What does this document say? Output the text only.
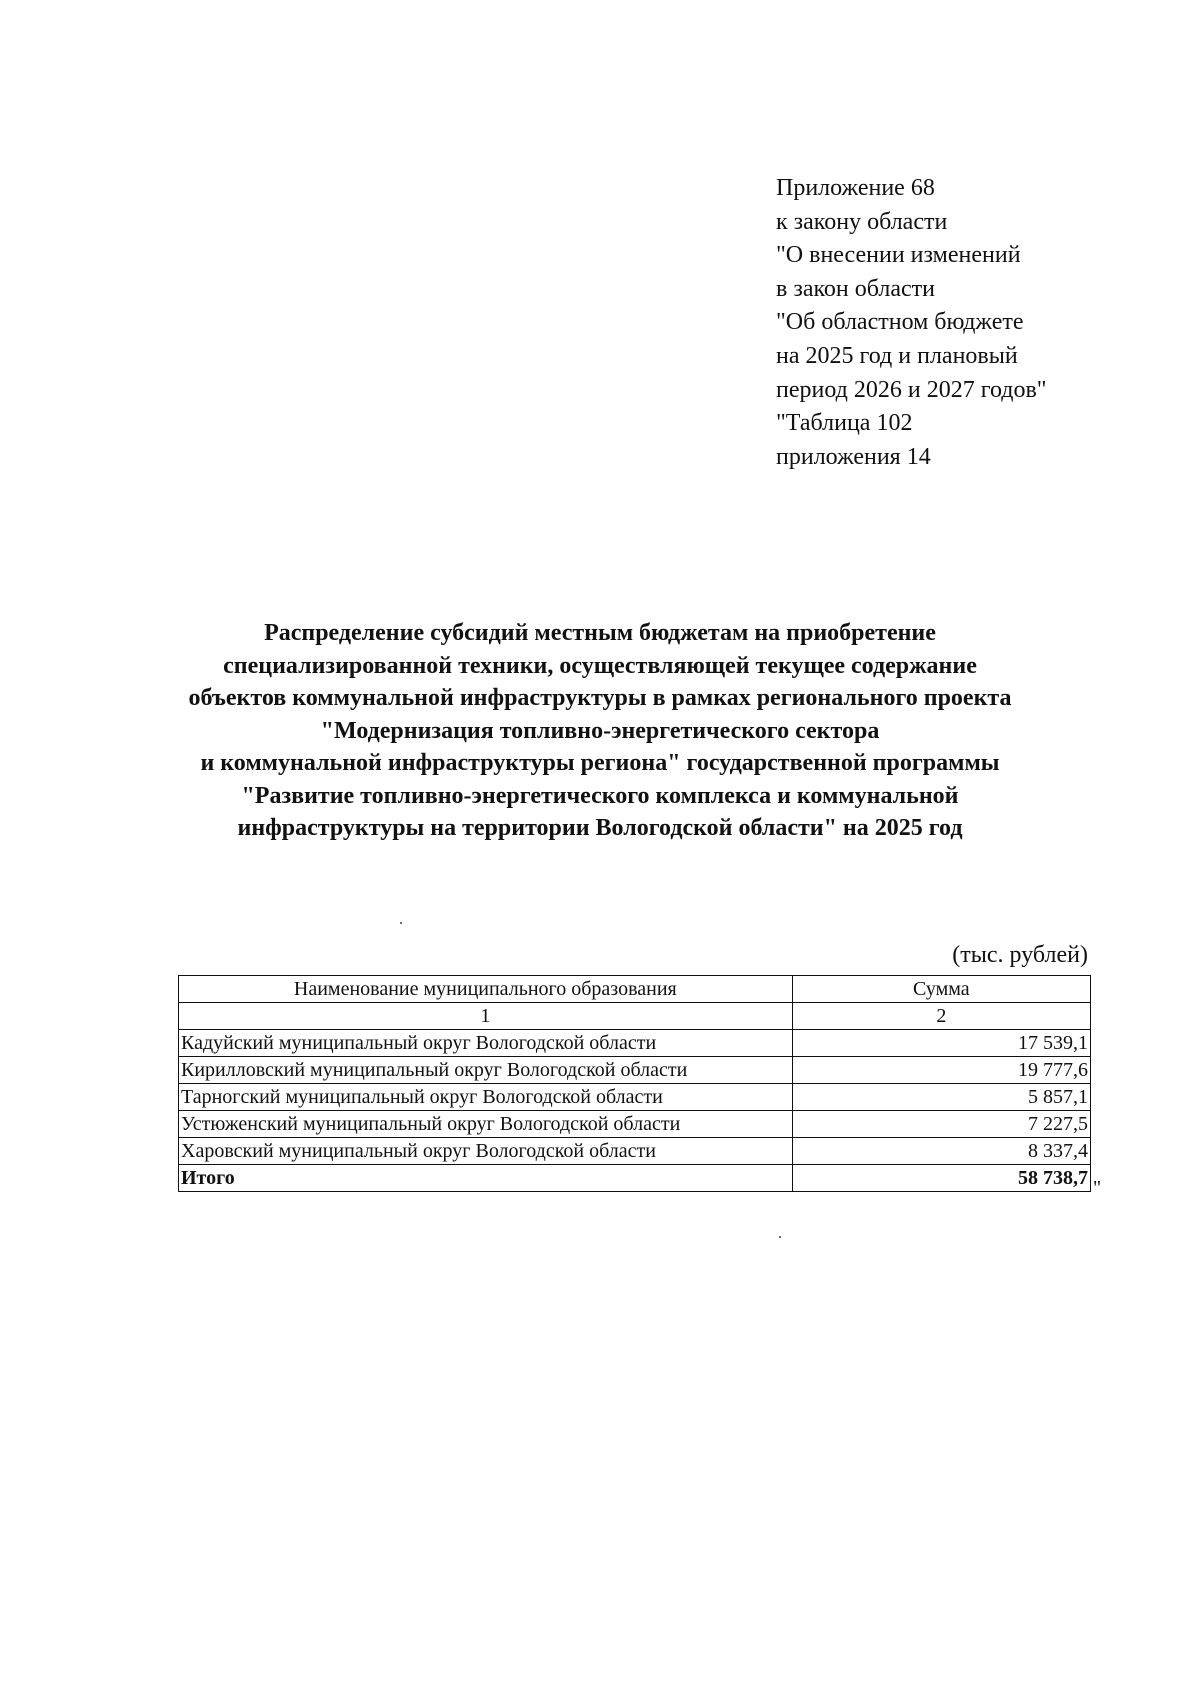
Приложение 68
к закону области
"О внесении изменений
в закон области
"Об областном бюджете
на 2025 год и плановый
период 2026 и 2027 годов"
"Таблица 102
приложения 14
Распределение субсидий местным бюджетам на приобретение
специализированной техники, осуществляющей текущее содержание
объектов коммунальной инфраструктуры в рамках регионального проекта
"Модернизация топливно-энергетического сектора
и коммунальной инфраструктуры региона" государственной программы
"Развитие топливно-энергетического комплекса и коммунальной
инфраструктуры на территории Вологодской области" на 2025 год
(тыс. рублей)
Наименование муниципального образования	Сумма
1	2
Кадуйский муниципальный округ Вологодской области	17 539,1
Кирилловский муниципальный округ Вологодской области	19 777,6
Тарногский муниципальный округ Вологодской области	5 857,1
Устюженский муниципальный округ Вологодской области	7 227,5
Харовский муниципальный округ Вологодской области	8 337,4
Итого	58 738,7 "
